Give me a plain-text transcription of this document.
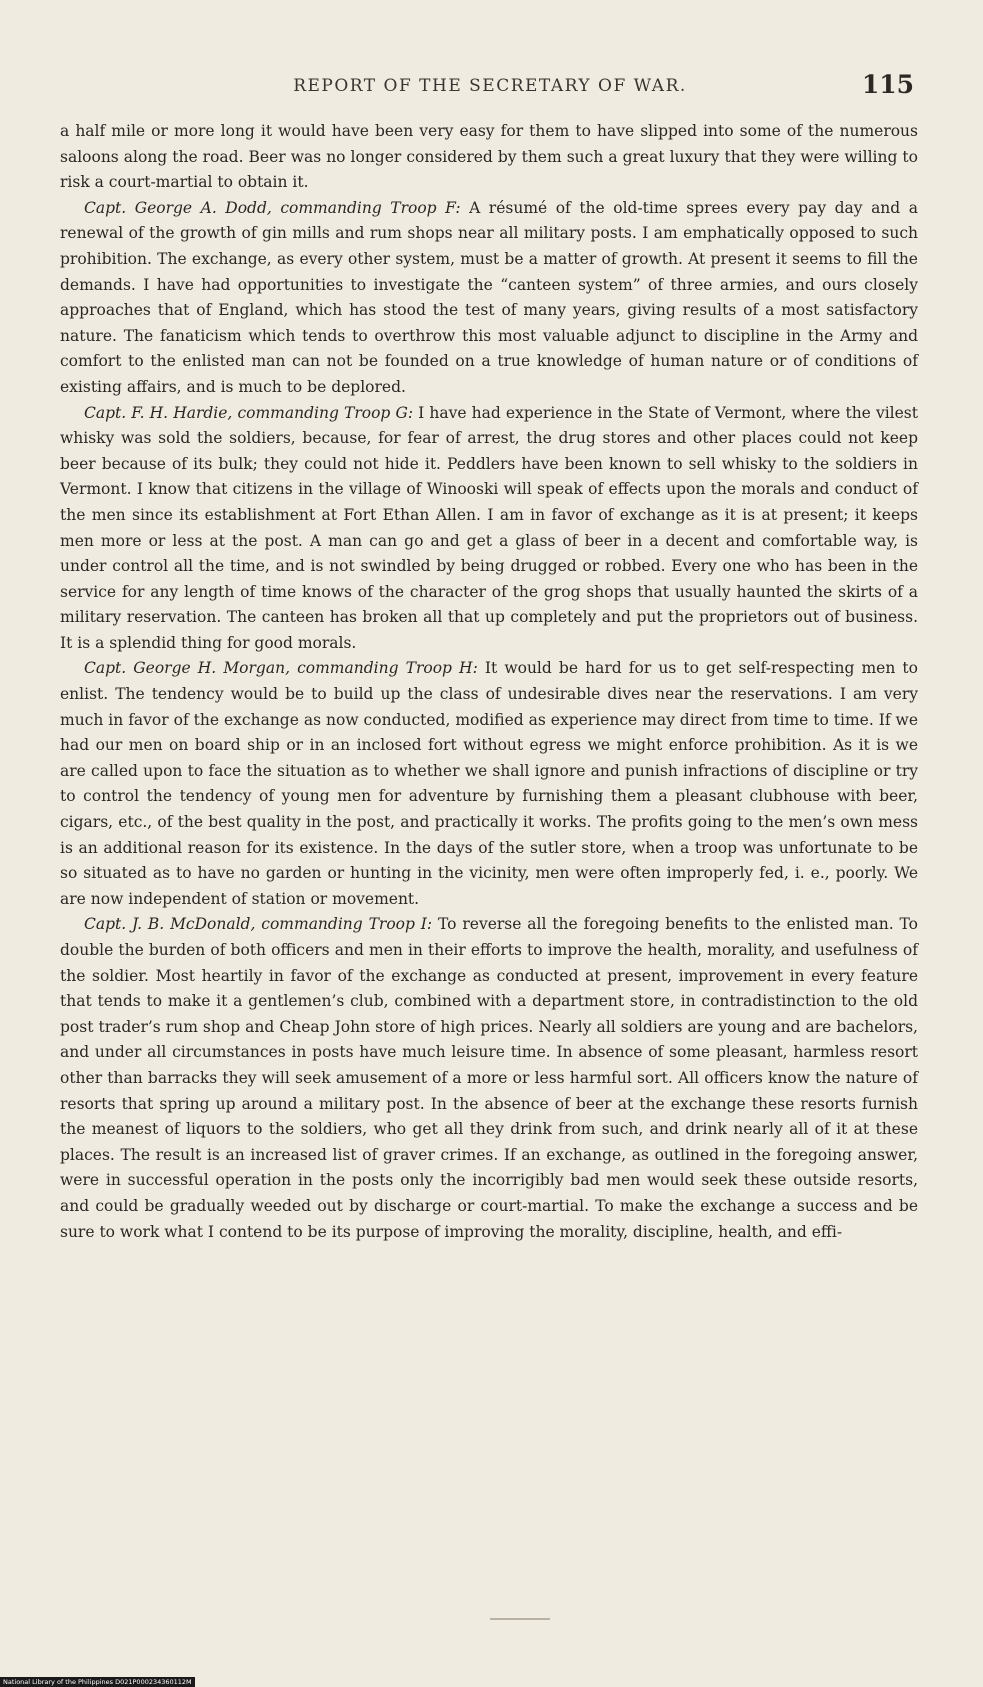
REPORT OF THE SECRETARY OF WAR.	115

a half mile or more long it would have been very easy for them to have slipped into some of the numerous saloons along the road. Beer was no longer considered by them such a great luxury that they were willing to risk a court-martial to obtain it.

Capt. George A. Dodd, commanding Troop F: A résumé of the old-time sprees every pay day and a renewal of the growth of gin mills and rum shops near all military posts. I am emphatically opposed to such prohibition. The exchange, as every other system, must be a matter of growth. At present it seems to fill the demands. I have had opportunities to investigate the “canteen system” of three armies, and ours closely approaches that of England, which has stood the test of many years, giving results of a most satisfactory nature. The fanaticism which tends to overthrow this most valuable adjunct to discipline in the Army and comfort to the enlisted man can not be founded on a true knowledge of human nature or of conditions of existing affairs, and is much to be deplored.

Capt. F. H. Hardie, commanding Troop G: I have had experience in the State of Vermont, where the vilest whisky was sold the soldiers, because, for fear of arrest, the drug stores and other places could not keep beer because of its bulk; they could not hide it. Peddlers have been known to sell whisky to the soldiers in Vermont. I know that citizens in the village of Winooski will speak of effects upon the morals and conduct of the men since its establishment at Fort Ethan Allen. I am in favor of exchange as it is at present; it keeps men more or less at the post. A man can go and get a glass of beer in a decent and comfortable way, is under control all the time, and is not swindled by being drugged or robbed. Every one who has been in the service for any length of time knows of the character of the grog shops that usually haunted the skirts of a military reservation. The canteen has broken all that up completely and put the proprietors out of business. It is a splendid thing for good morals.

Capt. George H. Morgan, commanding Troop H: It would be hard for us to get self-respecting men to enlist. The tendency would be to build up the class of undesirable dives near the reservations. I am very much in favor of the exchange as now conducted, modified as experience may direct from time to time. If we had our men on board ship or in an inclosed fort without egress we might enforce prohibition. As it is we are called upon to face the situation as to whether we shall ignore and punish infractions of discipline or try to control the tendency of young men for adventure by furnishing them a pleasant clubhouse with beer, cigars, etc., of the best quality in the post, and practically it works. The profits going to the men’s own mess is an additional reason for its existence. In the days of the sutler store, when a troop was unfortunate to be so situated as to have no garden or hunting in the vicinity, men were often improperly fed, i. e., poorly. We are now independent of station or movement.

Capt. J. B. McDonald, commanding Troop I: To reverse all the foregoing benefits to the enlisted man. To double the burden of both officers and men in their efforts to improve the health, morality, and usefulness of the soldier. Most heartily in favor of the exchange as conducted at present, improvement in every feature that tends to make it a gentlemen’s club, combined with a department store, in contradistinction to the old post trader’s rum shop and Cheap John store of high prices. Nearly all soldiers are young and are bachelors, and under all circumstances in posts have much leisure time. In absence of some pleasant, harmless resort other than barracks they will seek amusement of a more or less harmful sort. All officers know the nature of resorts that spring up around a military post. In the absence of beer at the exchange these resorts furnish the meanest of liquors to the soldiers, who get all they drink from such, and drink nearly all of it at these places. The result is an increased list of graver crimes. If an exchange, as outlined in the foregoing answer, were in successful operation in the posts only the incorrigibly bad men would seek these outside resorts, and could be gradually weeded out by discharge or court-martial. To make the exchange a success and be sure to work what I contend to be its purpose of improving the morality, discipline, health, and effi-

National Library of the Philippines D021P000234360112M
